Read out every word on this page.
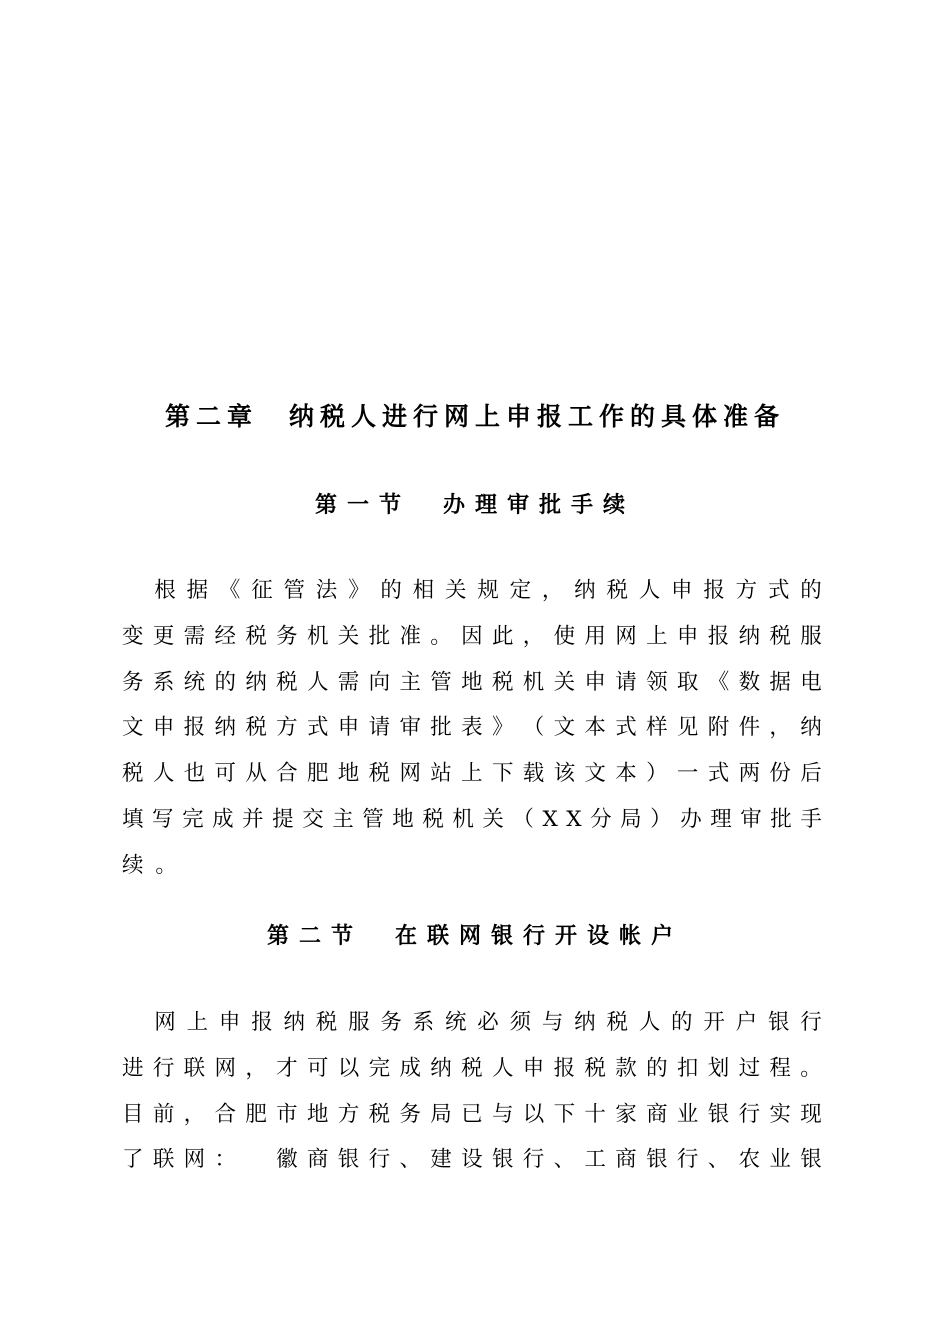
第二章　纳税人进行网上申报工作的具体准备
第一节　办理审批手续

根 据 《 征 管 法 》 的 相 关 规 定 ， 纳 税 人 申 报 方 式 的
变 更 需 经 税 务 机 关 批 准 。 因 此 ， 使 用 网 上 申 报 纳 税 服
务 系 统 的 纳 税 人 需 向 主 管 地 税 机 关 申 请 领 取 《 数 据 电
文 申 报 纳 税 方 式 申 请 审 批 表 》 （ 文 本 式 样 见 附 件 ， 纳
税 人 也 可 从 合 肥 地 税 网 站 上 下 载 该 文 本 ） 一 式 两 份 后
填 写 完 成 并 提 交 主 管 地 税 机 关 （ X X 分 局 ） 办 理 审 批 手
续 。
第二节　在联网银行开设帐户

网 上 申 报 纳 税 服 务 系 统 必 须 与 纳 税 人 的 开 户 银 行
进 行 联 网 ， 才 可 以 完 成 纳 税 人 申 报 税 款 的 扣 划 过 程 。
目 前 ， 合 肥 市 地 方 税 务 局 已 与 以 下 十 家 商 业 银 行 实 现
了 联 网 ：
　 徽 商 银 行 、 建 设 银 行 、 工 商 银 行 、 农 业 银
